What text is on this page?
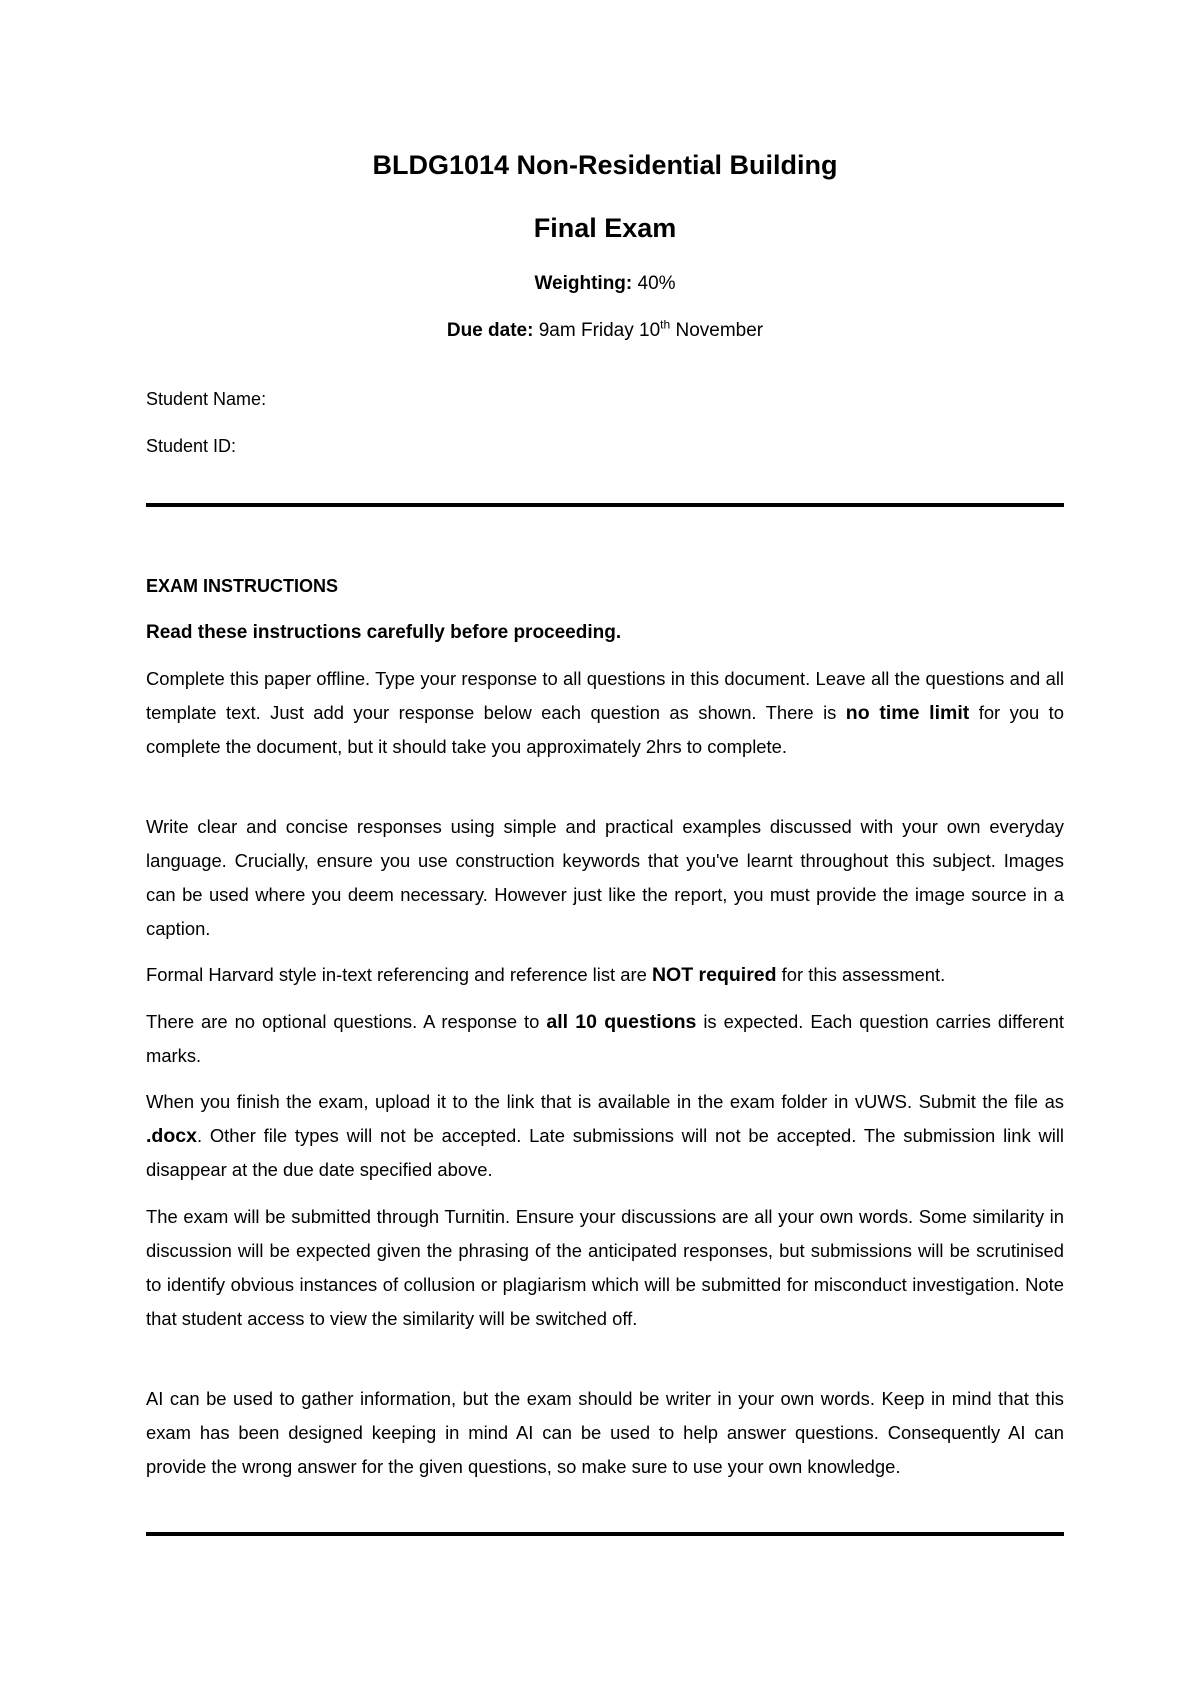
BLDG1014 Non-Residential Building
Final Exam
Weighting: 40%
Due date: 9am Friday 10th November
Student Name:
Student ID:
EXAM INSTRUCTIONS
Read these instructions carefully before proceeding.
Complete this paper offline. Type your response to all questions in this document. Leave all the questions and all template text. Just add your response below each question as shown. There is no time limit for you to complete the document, but it should take you approximately 2hrs to complete.
Write clear and concise responses using simple and practical examples discussed with your own everyday language. Crucially, ensure you use construction keywords that you've learnt throughout this subject. Images can be used where you deem necessary. However just like the report, you must provide the image source in a caption.
Formal Harvard style in-text referencing and reference list are NOT required for this assessment.
There are no optional questions. A response to all 10 questions is expected. Each question carries different marks.
When you finish the exam, upload it to the link that is available in the exam folder in vUWS. Submit the file as .docx. Other file types will not be accepted. Late submissions will not be accepted. The submission link will disappear at the due date specified above.
The exam will be submitted through Turnitin. Ensure your discussions are all your own words. Some similarity in discussion will be expected given the phrasing of the anticipated responses, but submissions will be scrutinised to identify obvious instances of collusion or plagiarism which will be submitted for misconduct investigation. Note that student access to view the similarity will be switched off.
AI can be used to gather information, but the exam should be writer in your own words. Keep in mind that this exam has been designed keeping in mind AI can be used to help answer questions. Consequently AI can provide the wrong answer for the given questions, so make sure to use your own knowledge.
